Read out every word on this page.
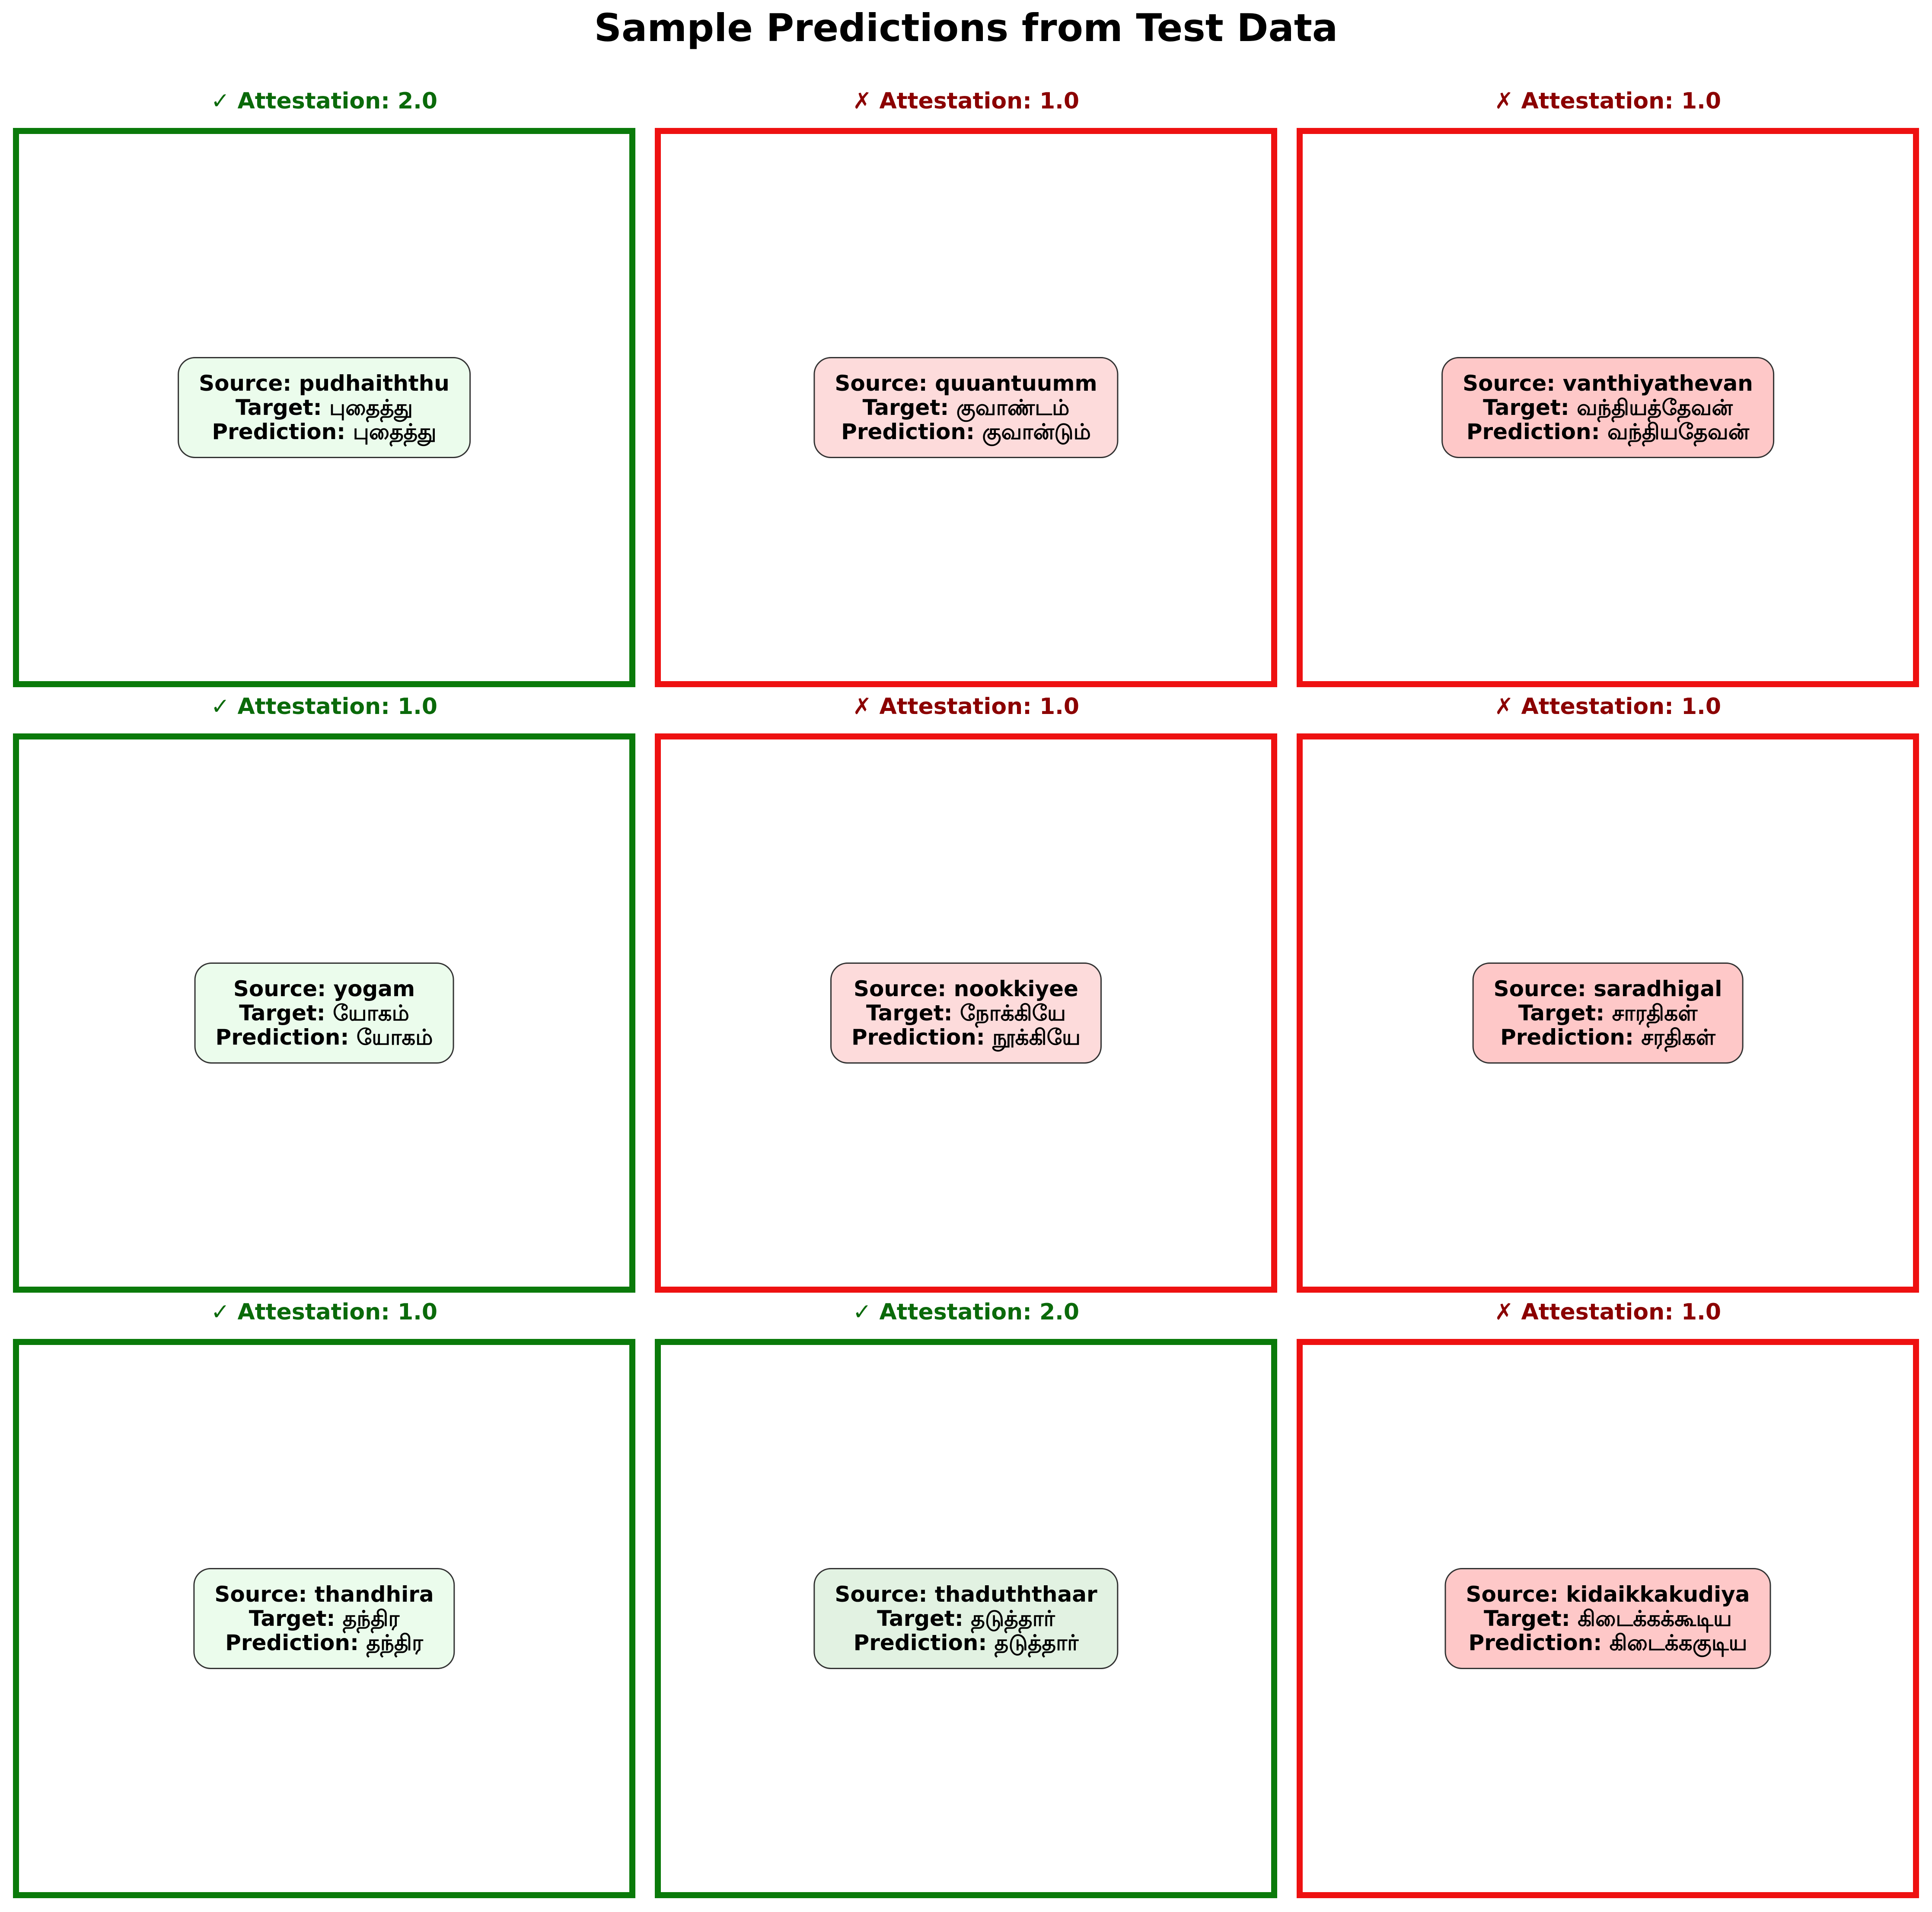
Sample Predictions from Test Data
✓ Attestation: 2.0
Source: pudhaiththu
Target: புதைத்து
Prediction: புதைத்து
✗ Attestation: 1.0
Source: quuantuumm
Target: குவாண்டம்
Prediction: குவான்டும்
✗ Attestation: 1.0
Source: vanthiyathevan
Target: வந்தியத்தேவன்
Prediction: வந்தியதேவன்
✓ Attestation: 1.0
Source: yogam
Target: யோகம்
Prediction: யோகம்
✗ Attestation: 1.0
Source: nookkiyee
Target: நோக்கியே
Prediction: நூக்கியே
✗ Attestation: 1.0
Source: saradhigal
Target: சாரதிகள்
Prediction: சரதிகள்
✓ Attestation: 1.0
Source: thandhira
Target: தந்திர
Prediction: தந்திர
✓ Attestation: 2.0
Source: thaduththaar
Target: தடுத்தார்
Prediction: தடுத்தார்
✗ Attestation: 1.0
Source: kidaikkakudiya
Target: கிடைக்கக்கூடிய
Prediction: கிடைக்ககுடிய
